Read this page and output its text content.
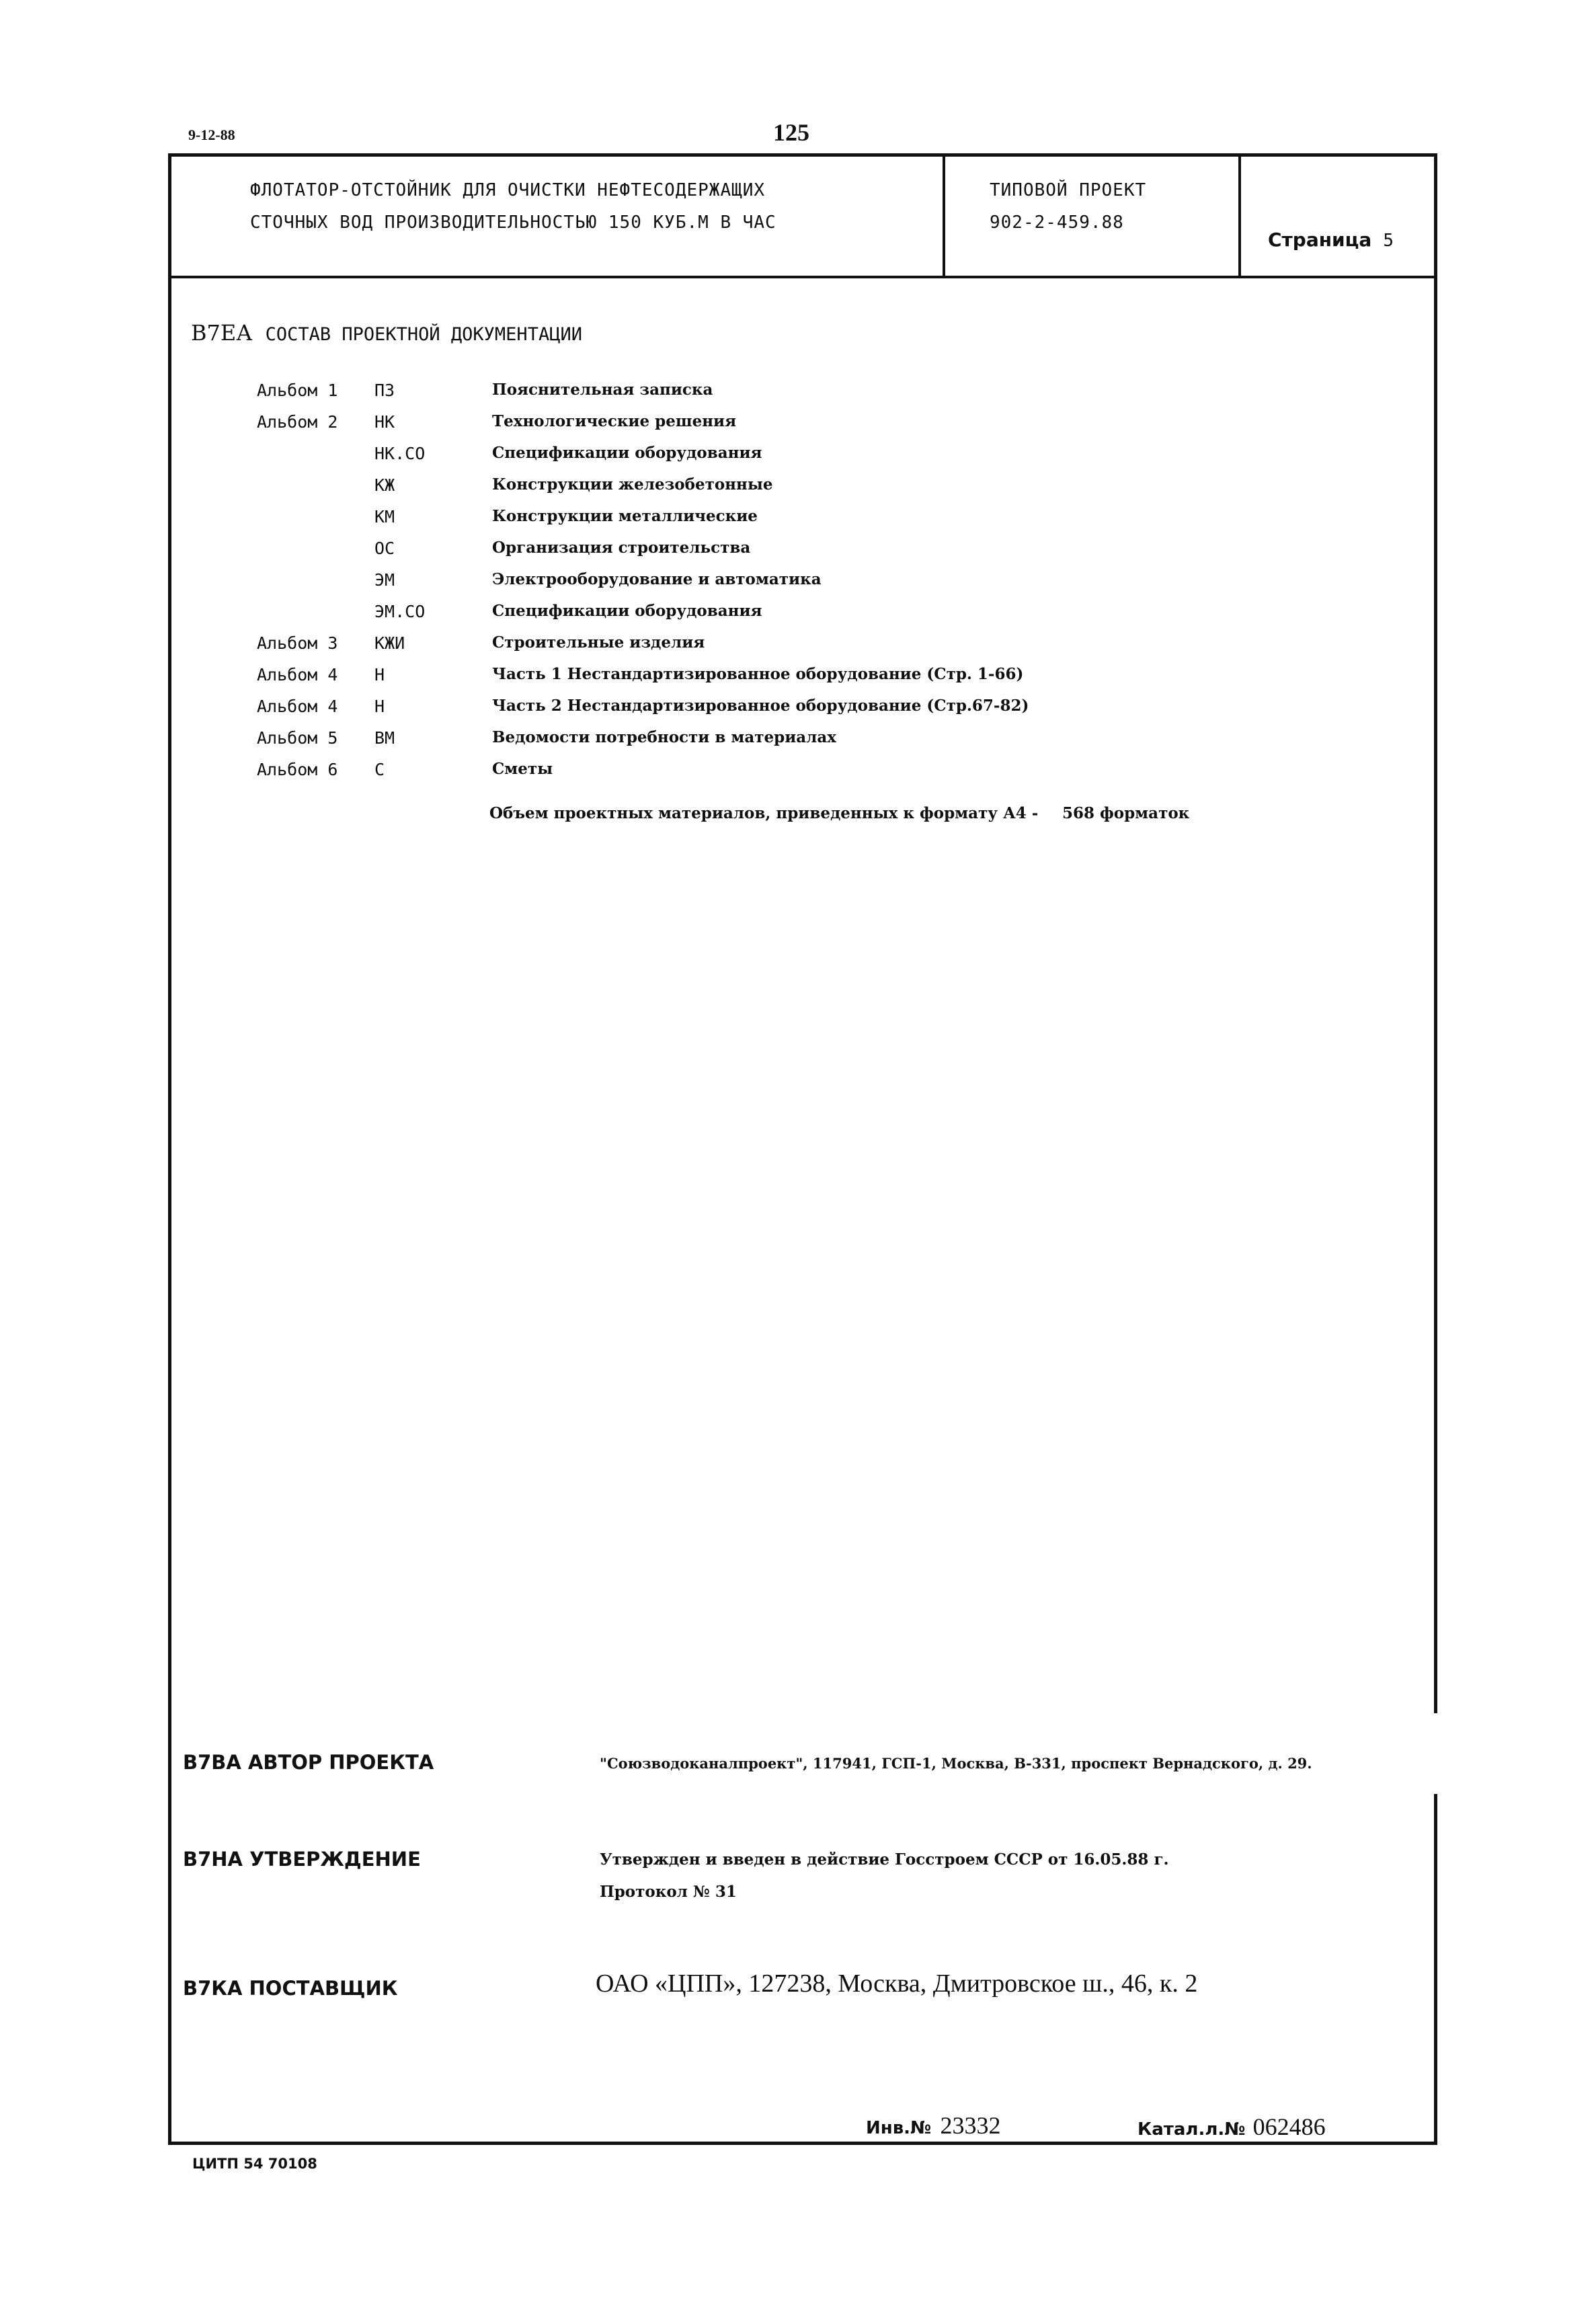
9-12-88	125
ФЛОТАТОР-ОТСТОЙНИК ДЛЯ ОЧИСТКИ НЕФТЕСОДЕРЖАЩИХ
СТОЧНЫХ ВОД ПРОИЗВОДИТЕЛЬНОСТЬЮ 150 КУБ.М В ЧАС
ТИПОВОЙ ПРОЕКТ
902-2-459.88
Страница 5
В7ЕА СОСТАВ ПРОЕКТНОЙ ДОКУМЕНТАЦИИ
Альбом 1 ПЗ	Пояснительная записка
Альбом 2 НК	Технологические решения
НК.СО	Спецификации оборудования
КЖ	Конструкции железобетонные
КМ	Конструкции металлические
ОС	Организация строительства
ЭМ	Электрооборудование и автоматика
ЭМ.СО	Спецификации оборудования
Альбом 3 КЖИ	Строительные изделия
Альбом 4 Н	Часть 1 Нестандартизированное оборудование (Стр. 1-66)
Альбом 4 Н	Часть 2 Нестандартизированное оборудование (Стр.67-82)
Альбом 5 ВМ	Ведомости потребности в материалах
Альбом 6 С	Сметы
Объем проектных материалов, приведенных к формату А4 - 568 форматок
В7ВА АВТОР ПРОЕКТА	"Союзводоканалпроект", 117941, ГСП-1, Москва, В-331, проспект Вернадского, д. 29.
В7НА УТВЕРЖДЕНИЕ	Утвержден и введен в действие Госстроем СССР от 16.05.88 г.
Протокол № 31
В7КА ПОСТАВЩИК	ОАО «ЦПП», 127238, Москва, Дмитровское ш., 46, к. 2
Инв.№ 23332	Катал.л.№ 062486
ЦИТП 54 70108
